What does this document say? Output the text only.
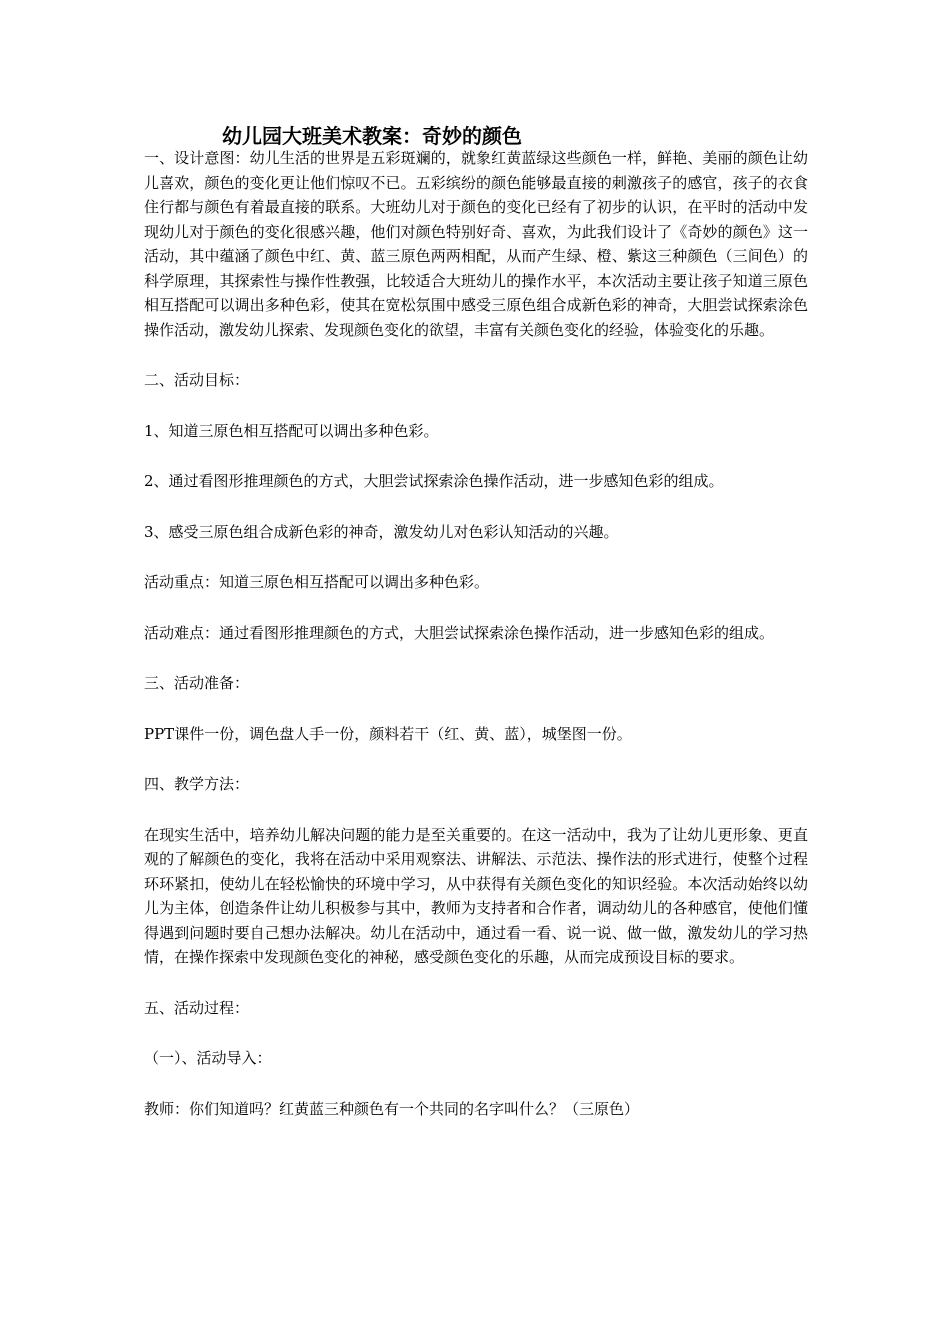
幼儿园大班美术教案：奇妙的颜色

一、设计意图：幼儿生活的世界是五彩斑斓的，就象红黄蓝绿这些颜色一样，鲜艳、美丽的颜色让幼儿喜欢，颜色的变化更让他们惊叹不已。五彩缤纷的颜色能够最直接的刺激孩子的感官，孩子的衣食住行都与颜色有着最直接的联系。大班幼儿对于颜色的变化已经有了初步的认识，在平时的活动中发现幼儿对于颜色的变化很感兴趣，他们对颜色特别好奇、喜欢，为此我们设计了《奇妙的颜色》这一活动，其中蕴涵了颜色中红、黄、蓝三原色两两相配，从而产生绿、橙、紫这三种颜色（三间色）的科学原理，其探索性与操作性教强，比较适合大班幼儿的操作水平，本次活动主要让孩子知道三原色相互搭配可以调出多种色彩，使其在宽松氛围中感受三原色组合成新色彩的神奇，大胆尝试探索涂色操作活动，激发幼儿探索、发现颜色变化的欲望，丰富有关颜色变化的经验，体验变化的乐趣。

二、活动目标：

1、知道三原色相互搭配可以调出多种色彩。

2、通过看图形推理颜色的方式，大胆尝试探索涂色操作活动，进一步感知色彩的组成。

3、感受三原色组合成新色彩的神奇，激发幼儿对色彩认知活动的兴趣。

活动重点：知道三原色相互搭配可以调出多种色彩。

活动难点：通过看图形推理颜色的方式，大胆尝试探索涂色操作活动，进一步感知色彩的组成。

三、活动准备：

PPT课件一份，调色盘人手一份，颜料若干（红、黄、蓝），城堡图一份。

四、教学方法：

在现实生活中，培养幼儿解决问题的能力是至关重要的。在这一活动中，我为了让幼儿更形象、更直观的了解颜色的变化，我将在活动中采用观察法、讲解法、示范法、操作法的形式进行，使整个过程环环紧扣，使幼儿在轻松愉快的环境中学习，从中获得有关颜色变化的知识经验。本次活动始终以幼儿为主体，创造条件让幼儿积极参与其中，教师为支持者和合作者，调动幼儿的各种感官，使他们懂得遇到问题时要自己想办法解决。幼儿在活动中，通过看一看、说一说、做一做，激发幼儿的学习热情，在操作探索中发现颜色变化的神秘，感受颜色变化的乐趣，从而完成预设目标的要求。

五、活动过程：

（一）、活动导入：

教师：你们知道吗？红黄蓝三种颜色有一个共同的名字叫什么？（三原色）
